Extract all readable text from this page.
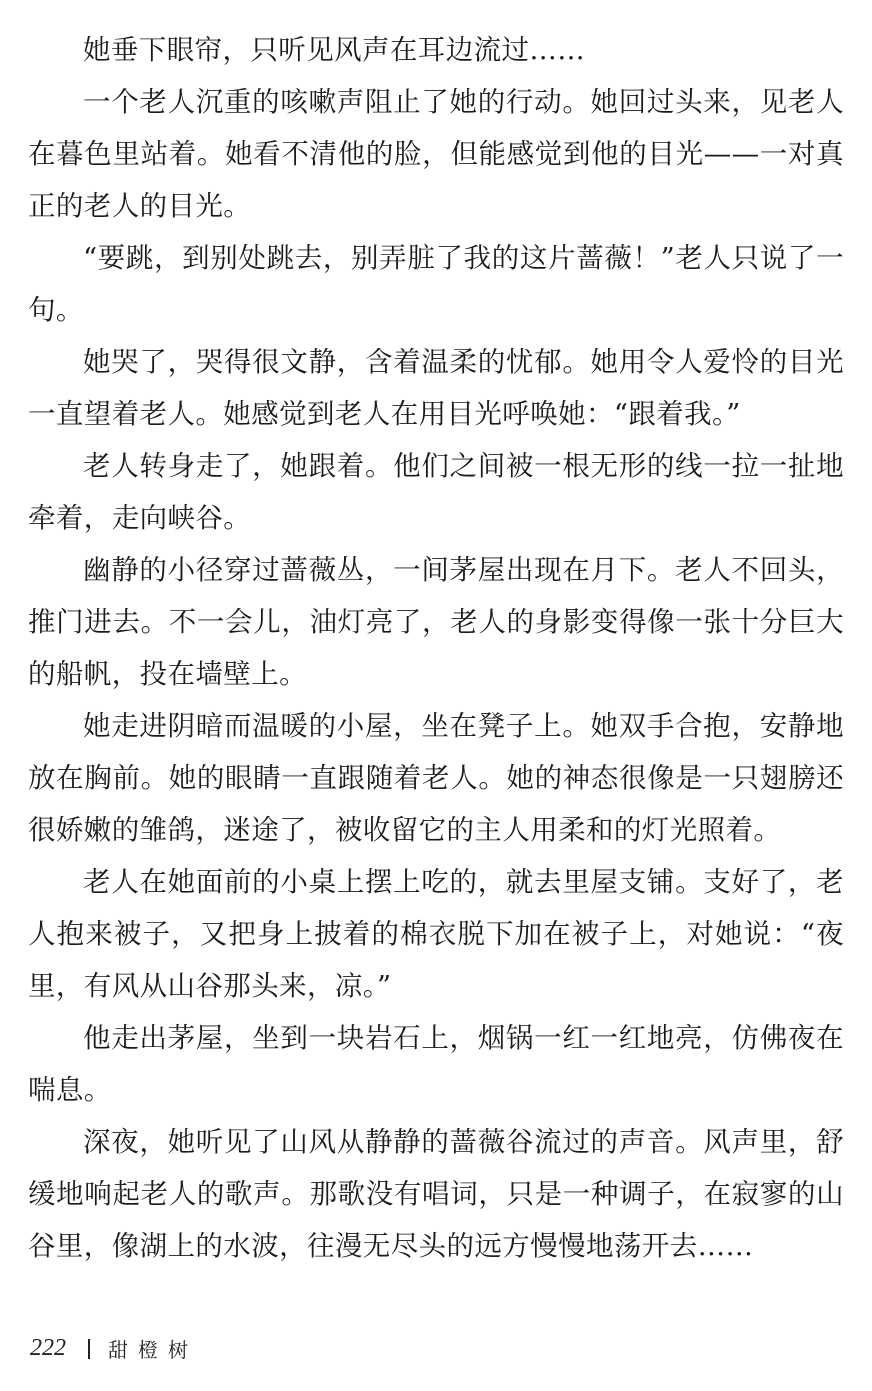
她垂下眼帘，只听见风声在耳边流过……

一个老人沉重的咳嗽声阻止了她的行动。她回过头来，见老人在暮色里站着。她看不清他的脸，但能感觉到他的目光——一对真正的老人的目光。

“要跳，到别处跳去，别弄脏了我的这片蔷薇！”老人只说了一句。

她哭了，哭得很文静，含着温柔的忧郁。她用令人爱怜的目光一直望着老人。她感觉到老人在用目光呼唤她：“跟着我。”

老人转身走了，她跟着。他们之间被一根无形的线一拉一扯地牵着，走向峡谷。

幽静的小径穿过蔷薇丛，一间茅屋出现在月下。老人不回头，推门进去。不一会儿，油灯亮了，老人的身影变得像一张十分巨大的船帆，投在墙壁上。

她走进阴暗而温暖的小屋，坐在凳子上。她双手合抱，安静地放在胸前。她的眼睛一直跟随着老人。她的神态很像是一只翅膀还很娇嫩的雏鸽，迷途了，被收留它的主人用柔和的灯光照着。

老人在她面前的小桌上摆上吃的，就去里屋支铺。支好了，老人抱来被子，又把身上披着的棉衣脱下加在被子上，对她说：“夜里，有风从山谷那头来，凉。”

他走出茅屋，坐到一块岩石上，烟锅一红一红地亮，仿佛夜在喘息。

深夜，她听见了山风从静静的蔷薇谷流过的声音。风声里，舒缓地响起老人的歌声。那歌没有唱词，只是一种调子，在寂寥的山谷里，像湖上的水波，往漫无尽头的远方慢慢地荡开去……

222 甜橙树
